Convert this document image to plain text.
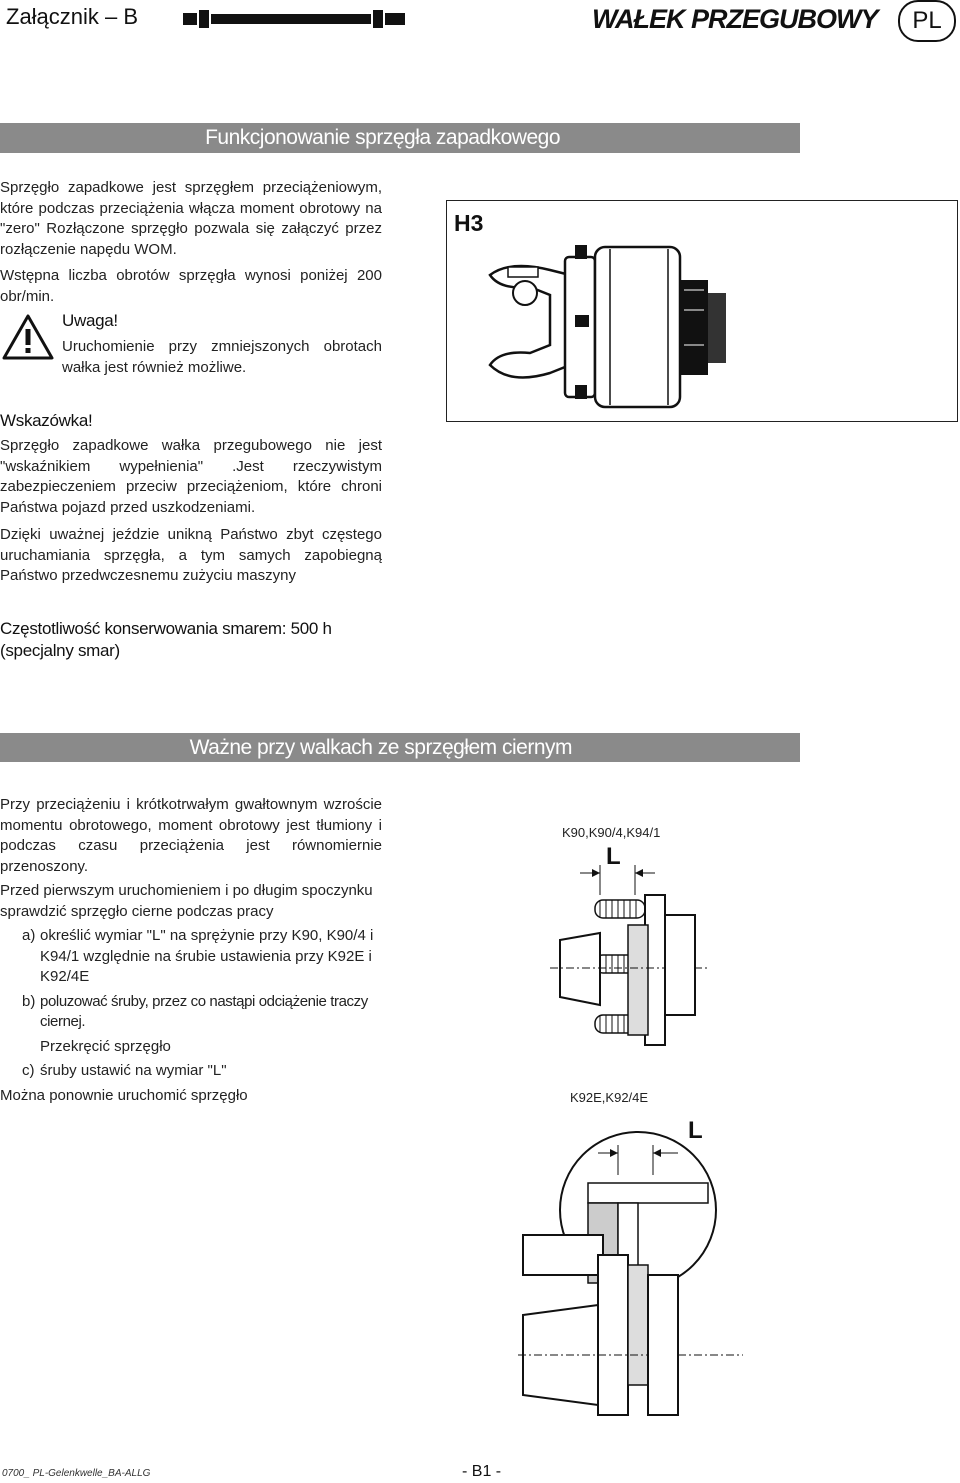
Załącznik – B	WAŁEK PRZEGUBOWY	PL
Funkcjonowanie sprzęgła zapadkowego

Sprzęgło zapadkowe jest sprzęgłem przeciążeniowym, które podczas przeciążenia włącza moment obrotowy na "zero" Rozłączone sprzęgło pozwala się załączyć przez rozłączenie napędu WOM.

Wstępna liczba obrotów sprzęgła wynosi poniżej 200 obr/min.

Uwaga!

Uruchomienie przy zmniejszonych obrotach wałka jest również możliwe.

Wskazówka!

Sprzęgło zapadkowe wałka przegubowego nie jest "wskaźnikiem wypełnienia" .Jest rzeczywistym zabezpieczeniem przeciw przeciążeniom, które chroni Państwa pojazd przed uszkodzeniami.

Dzięki uważnej jeździe unikną Państwo zbyt częstego uruchamiania sprzęgła, a tym samych zapobiegną Państwo przedwczesnemu zużyciu maszyny

H3
Częstotliwość konserwowania smarem: 500 h (specjalny smar)
Ważne przy walkach ze sprzęgłem ciernym

Przy przeciążeniu i krótkotrwałym gwałtownym wzroście momentu obrotowego, moment obrotowy jest tłumiony i podczas czasu przeciążenia jest równomiernie przenoszony.

Przed pierwszym uruchomieniem i po długim spoczynku sprawdzić sprzęgło cierne podczas pracy

a) określić wymiar "L" na sprężynie przy K90, K90/4 i K94/1 względnie na śrubie ustawienia przy K92E i K92/4E
b) poluzować śruby, przez co nastąpi odciążenie traczy ciernej.
Przekręcić sprzęgło
c) śruby ustawić na wymiar "L"

Można ponownie uruchomić sprzęgło

K90,K90/4,K94/1
L
K92E,K92/4E
L
0700_ PL-Gelenkwelle_BA-ALLG	- B1 -
